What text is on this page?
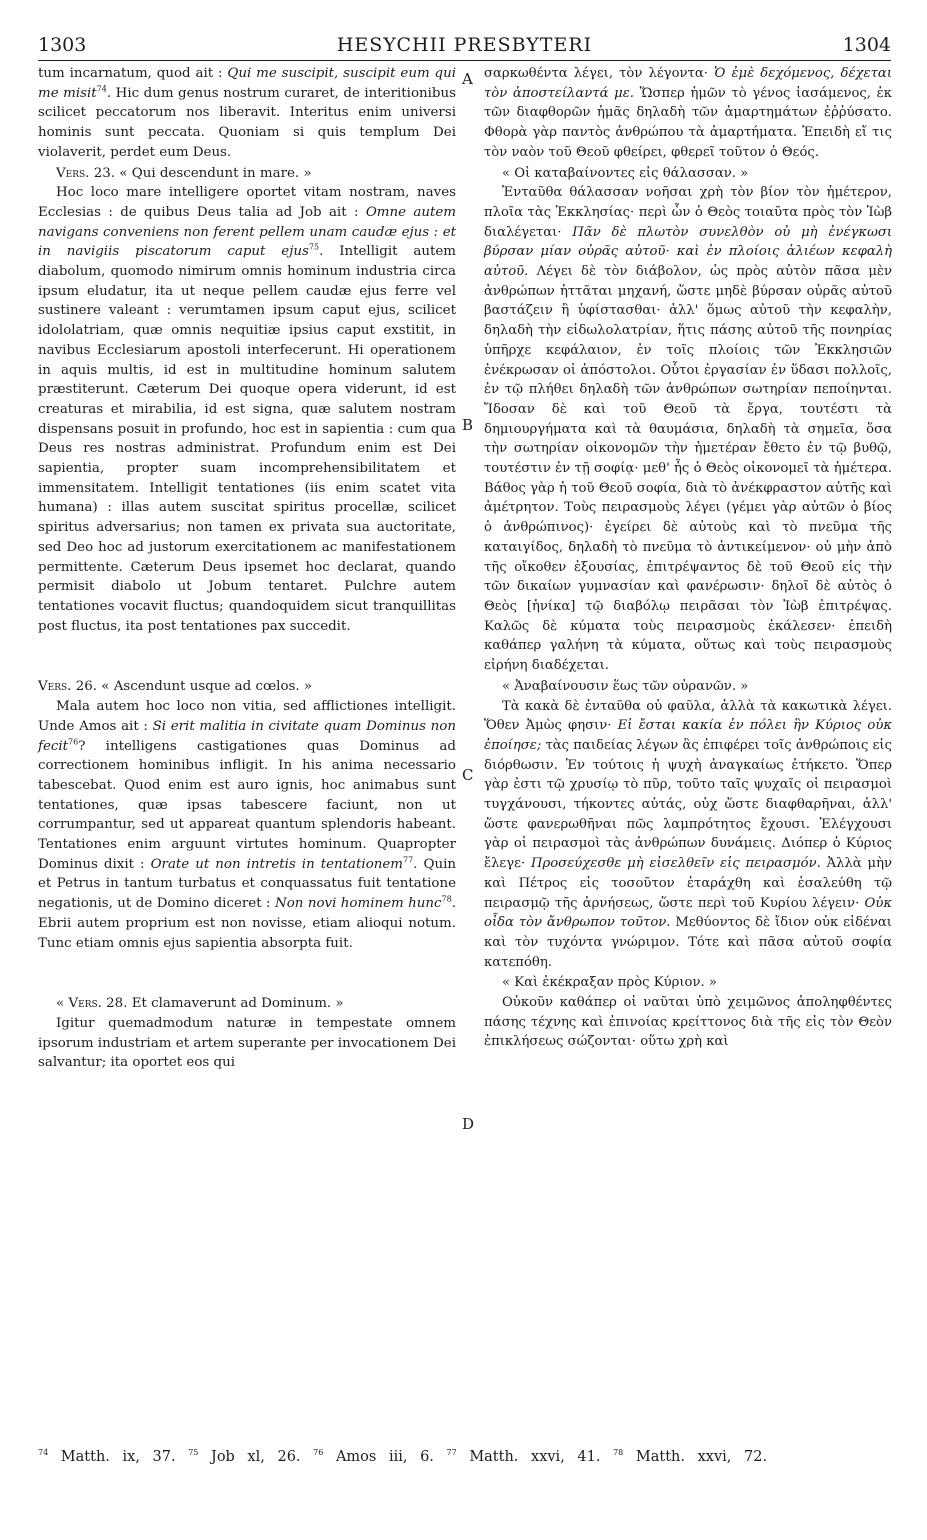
1303	HESYCHII PRESBYTERI	1304
A
B
C
D

tum incarnatum, quod ait : Qui me suscipit, suscipit eum qui me misit$^{74}$. Hic dum genus nostrum curaret, de interitionibus scilicet peccatorum nos liberavit. Interitus enim universi hominis sunt peccata. Quoniam si quis templum Dei violaverit, perdet eum Deus.

Vers. 23. « Qui descendunt in mare. »

Hoc loco mare intelligere oportet vitam nostram, naves Ecclesias : de quibus Deus talia ad Job ait : Omne autem navigans conveniens non ferent pellem unam caudæ ejus : et in navigiis piscatorum caput ejus$^{75}$. Intelligit autem diabolum, quomodo nimirum omnis hominum industria circa ipsum eludatur, ita ut neque pellem caudæ ejus ferre vel sustinere valeant : verumtamen ipsum caput ejus, scilicet idololatriam, quæ omnis nequitiæ ipsius caput exstitit, in navibus Ecclesiarum apostoli interfecerunt. Hi operationem in aquis multis, id est in multitudine hominum salutem præstiterunt. Cæterum Dei quoque opera viderunt, id est creaturas et mirabilia, id est signa, quæ salutem nostram dispensans posuit in profundo, hoc est in sapientia : cum qua Deus res nostras administrat. Profundum enim est Dei sapientia, propter suam incomprehensibilitatem et immensitatem. Intelligit tentationes (iis enim scatet vita humana) : illas autem suscitat spiritus procellæ, scilicet spiritus adversarius; non tamen ex privata sua auctoritate, sed Deo hoc ad justorum exercitationem ac manifestationem permittente. Cæterum Deus ipsemet hoc declarat, quando permisit diabolo ut Jobum tentaret. Pulchre autem tentationes vocavit fluctus; quandoquidem sicut tranquillitas post fluctus, ita post tentationes pax succedit.

Vers. 26. « Ascendunt usque ad cœlos. »

Mala autem hoc loco non vitia, sed afflictiones intelligit. Unde Amos ait : Si erit malitia in civitate quam Dominus non fecit$^{76}$? intelligens castigationes quas Dominus ad correctionem hominibus infligit. In his anima necessario tabescebat. Quod enim est auro ignis, hoc animabus sunt tentationes, quæ ipsas tabescere faciunt, non ut corrumpantur, sed ut appareat quantum splendoris habeant. Tentationes enim arguunt virtutes hominum. Quapropter Dominus dixit : Orate ut non intretis in tentationem$^{77}$. Quin et Petrus in tantum turbatus et conquassatus fuit tentatione negationis, ut de Domino diceret : Non novi hominem hunc$^{78}$. Ebrii autem proprium est non novisse, etiam alioqui notum. Tunc etiam omnis ejus sapientia absorpta fuit.

« Vers. 28. Et clamaverunt ad Dominum. »

Igitur quemadmodum naturæ in tempestate omnem ipsorum industriam et artem superante per invocationem Dei salvantur; ita oportet eos qui

σαρκωθέντα λέγει, τὸν λέγοντα· Ὁ ἐμὲ δεχόμενος, δέχεται τὸν ἀποστείλαντά με. Ὥσπερ ἡμῶν τὸ γένος ἰασάμενος, ἐκ τῶν διαφθορῶν ἡμᾶς δηλαδὴ τῶν ἁμαρτημάτων ἐῤῥύσατο. Φθορὰ γὰρ παντὸς ἀνθρώπου τὰ ἁμαρτήματα. Ἐπειδὴ εἴ τις τὸν ναὸν τοῦ Θεοῦ φθείρει, φθερεῖ τοῦτον ὁ Θεός.

« Οἱ καταβαίνοντες εἰς θάλασσαν. »

Ἐνταῦθα θάλασσαν νοῆσαι χρὴ τὸν βίον τὸν ἡμέτερον, πλοῖα τὰς Ἐκκλησίας· περὶ ὧν ὁ Θεὸς τοιαῦτα πρὸς τὸν Ἰὼβ διαλέγεται· Πᾶν δὲ πλωτὸν συνελθὸν οὐ μὴ ἐνέγκωσι βύρσαν μίαν οὐρᾶς αὐτοῦ· καὶ ἐν πλοίοις ἁλιέων κεφαλὴ αὐτοῦ. Λέγει δὲ τὸν διάβολον, ὡς πρὸς αὐτὸν πᾶσα μὲν ἀνθρώπων ἡττᾶται μηχανή, ὥστε μηδὲ βύρσαν οὐρᾶς αὐτοῦ βαστάζειν ἢ ὑφίστασθαι· ἀλλ' ὅμως αὐτοῦ τὴν κεφαλὴν, δηλαδὴ τὴν εἰδωλολατρίαν, ἥτις πάσης αὐτοῦ τῆς πονηρίας ὑπῆρχε κεφάλαιον, ἐν τοῖς πλοίοις τῶν Ἐκκλησιῶν ἐνέκρωσαν οἱ ἀπόστολοι. Οὗτοι ἐργασίαν ἐν ὕδασι πολλοῖς, ἐν τῷ πλήθει δηλαδὴ τῶν ἀνθρώπων σωτηρίαν πεποίηνται. Ἴδοσαν δὲ καὶ τοῦ Θεοῦ τὰ ἔργα, τουτέστι τὰ δημιουργήματα καὶ τὰ θαυμάσια, δηλαδὴ τὰ σημεῖα, ὅσα τὴν σωτηρίαν οἰκονομῶν τὴν ἡμετέραν ἔθετο ἐν τῷ βυθῷ, τουτέστιν ἐν τῇ σοφίᾳ· μεθ' ἧς ὁ Θεὸς οἰκονομεῖ τὰ ἡμέτερα. Βάθος γὰρ ἡ τοῦ Θεοῦ σοφία, διὰ τὸ ἀνέκφραστον αὐτῆς καὶ ἀμέτρητον. Τοὺς πειρασμοὺς λέγει (γέμει γὰρ αὐτῶν ὁ βίος ὁ ἀνθρώπινος)· ἐγείρει δὲ αὐτοὺς καὶ τὸ πνεῦμα τῆς καταιγίδος, δηλαδὴ τὸ πνεῦμα τὸ ἀντικείμενον· οὐ μὴν ἀπὸ τῆς οἴκοθεν ἐξουσίας, ἐπιτρέψαντος δὲ τοῦ Θεοῦ εἰς τὴν τῶν δικαίων γυμνασίαν καὶ φανέρωσιν· δηλοῖ δὲ αὐτὸς ὁ Θεὸς [ἡνίκα] τῷ διαβόλῳ πειρᾶσαι τὸν Ἰὼβ ἐπιτρέψας. Καλῶς δὲ κύματα τοὺς πειρασμοὺς ἐκάλεσεν· ἐπειδὴ καθάπερ γαλήνη τὰ κύματα, οὕτως καὶ τοὺς πειρασμοὺς εἰρήνη διαδέχεται.

« Ἀναβαίνουσιν ἕως τῶν οὐρανῶν. »

Τὰ κακὰ δὲ ἐνταῦθα οὐ φαῦλα, ἀλλὰ τὰ κακωτικὰ λέγει. Ὅθεν Ἀμὼς φησιν· Εἰ ἔσται κακία ἐν πόλει ἣν Κύριος οὐκ ἐποίησε; τὰς παιδείας λέγων ἃς ἐπιφέρει τοῖς ἀνθρώποις εἰς διόρθωσιν. Ἐν τούτοις ἡ ψυχὴ ἀναγκαίως ἐτήκετο. Ὅπερ γὰρ ἐστι τῷ χρυσίῳ τὸ πῦρ, τοῦτο ταῖς ψυχαῖς οἱ πειρασμοὶ τυγχάνουσι, τήκοντες αὐτάς, οὐχ ὥστε διαφθαρῆναι, ἀλλ' ὥστε φανερωθῆναι πῶς λαμπρότητος ἔχουσι. Ἐλέγχουσι γὰρ οἱ πειρασμοὶ τὰς ἀνθρώπων δυνάμεις. Διόπερ ὁ Κύριος ἔλεγε· Προσεύχεσθε μὴ εἰσελθεῖν εἰς πειρασμόν. Ἀλλὰ μὴν καὶ Πέτρος εἰς τοσοῦτον ἐταράχθη καὶ ἐσαλεύθη τῷ πειρασμῷ τῆς ἀρνήσεως, ὥστε περὶ τοῦ Κυρίου λέγειν· Οὐκ οἶδα τὸν ἄνθρωπον τοῦτον. Μεθύοντος δὲ ἴδιον οὐκ εἰδέναι καὶ τὸν τυχόντα γνώριμον. Τότε καὶ πᾶσα αὐτοῦ σοφία κατεπόθη.

« Καὶ ἐκέκραξαν πρὸς Κύριον. »

Οὐκοῦν καθάπερ οἱ ναῦται ὑπὸ χειμῶνος ἀποληφθέντες πάσης τέχνης καὶ ἐπινοίας κρείττονος διὰ τῆς εἰς τὸν Θεὸν ἐπικλήσεως σώζονται· οὕτω χρὴ καὶ

$^{74}$ Matth. ix, 37. $^{75}$ Job xl, 26. $^{76}$ Amos iii, 6. $^{77}$ Matth. xxvi, 41. $^{78}$ Matth. xxvi, 72.
